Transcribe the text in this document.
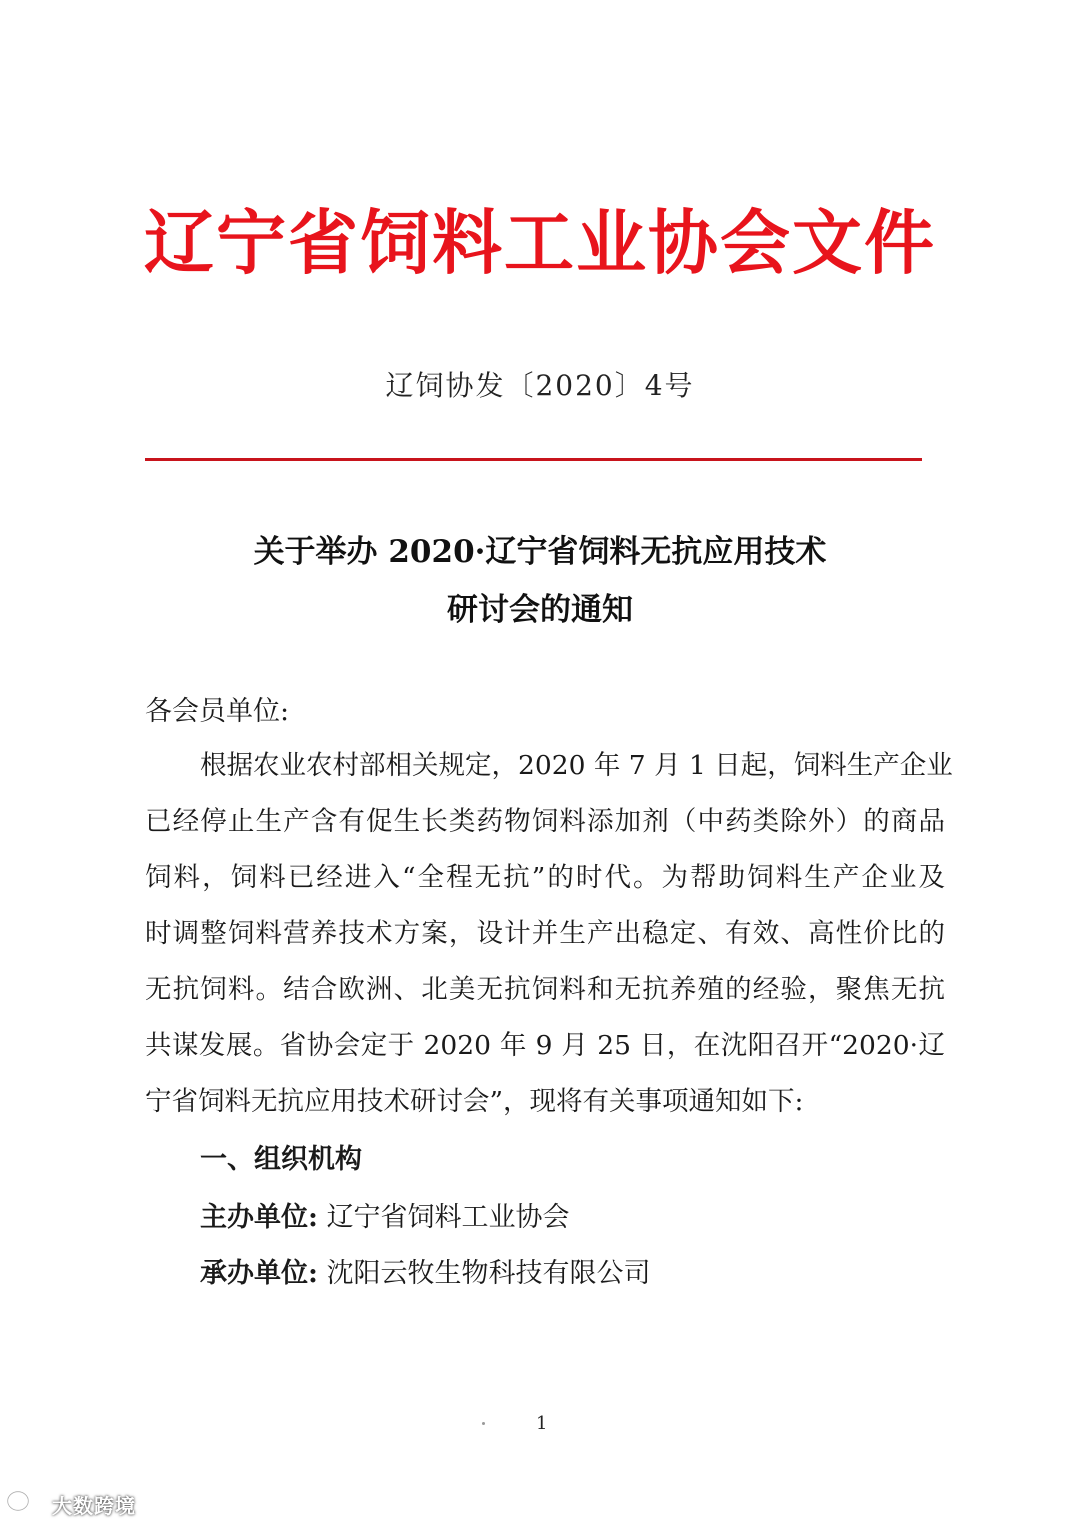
辽宁省饲料工业协会文件
辽饲协发〔2020〕4号
关于举办 2020·辽宁省饲料无抗应用技术
研讨会的通知
各会员单位:
根据农业农村部相关规定，2020 年 7 月 1 日起，饲料生产企业
已经停止生产含有促生长类药物饲料添加剂（中药类除外）的商品
饲料，饲料已经进入“全程无抗”的时代。为帮助饲料生产企业及
时调整饲料营养技术方案，设计并生产出稳定、有效、高性价比的
无抗饲料。结合欧洲、北美无抗饲料和无抗养殖的经验，聚焦无抗
共谋发展。省协会定于 2020 年 9 月 25 日，在沈阳召开“2020·辽
宁省饲料无抗应用技术研讨会”，现将有关事项通知如下:
一、组织机构
主办单位: 辽宁省饲料工业协会
承办单位: 沈阳云牧生物科技有限公司
1
大数跨境
